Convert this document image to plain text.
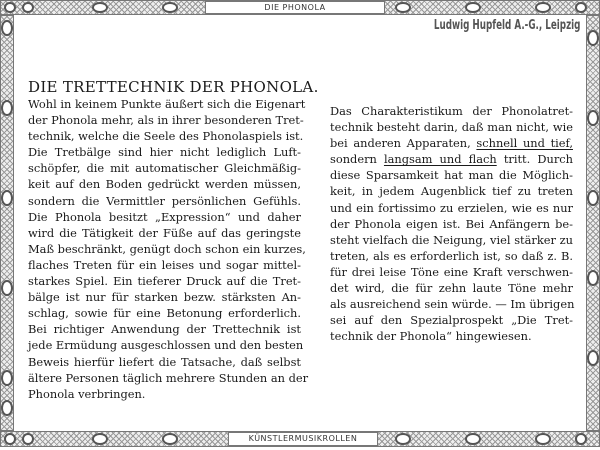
DIE PHONOLA
KÜNSTLERMUSIKROLLEN
Ludwig Hupfeld A.-G., Leipzig
DIE TRETTECHNIK DER PHONOLA.
Wohl in keinem Punkte äußert sich die Eigenart
der Phonola mehr, als in ihrer besonderen Tret-
technik, welche die Seele des Phonolaspiels ist.
Die Tretbälge sind hier nicht lediglich Luft-
schöpfer, die mit automatischer Gleichmäßig-
keit auf den Boden gedrückt werden müssen,
sondern die Vermittler persönlichen Gefühls.
Die Phonola besitzt „Expression“ und daher
wird die Tätigkeit der Füße auf das geringste
Maß beschränkt, genügt doch schon ein kurzes,
flaches Treten für ein leises und sogar mittel-
starkes Spiel. Ein tieferer Druck auf die Tret-
bälge ist nur für starken bezw. stärksten An-
schlag, sowie für eine Betonung erforderlich.
Bei richtiger Anwendung der Trettechnik ist
jede Ermüdung ausgeschlossen und den besten
Beweis hierfür liefert die Tatsache, daß selbst
ältere Personen täglich mehrere Stunden an der
Phonola verbringen.
Das Charakteristikum der Phonolatret-
technik besteht darin, daß man nicht, wie
bei anderen Apparaten, schnell und tief,
sondern langsam und flach tritt. Durch
diese Sparsamkeit hat man die Möglich-
keit, in jedem Augenblick tief zu treten
und ein fortissimo zu erzielen, wie es nur
der Phonola eigen ist. Bei Anfängern be-
steht vielfach die Neigung, viel stärker zu
treten, als es erforderlich ist, so daß z. B.
für drei leise Töne eine Kraft verschwen-
det wird, die für zehn laute Töne mehr
als ausreichend sein würde. — Im übrigen
sei auf den Spezialprospekt „Die Tret-
technik der Phonola“ hingewiesen.
